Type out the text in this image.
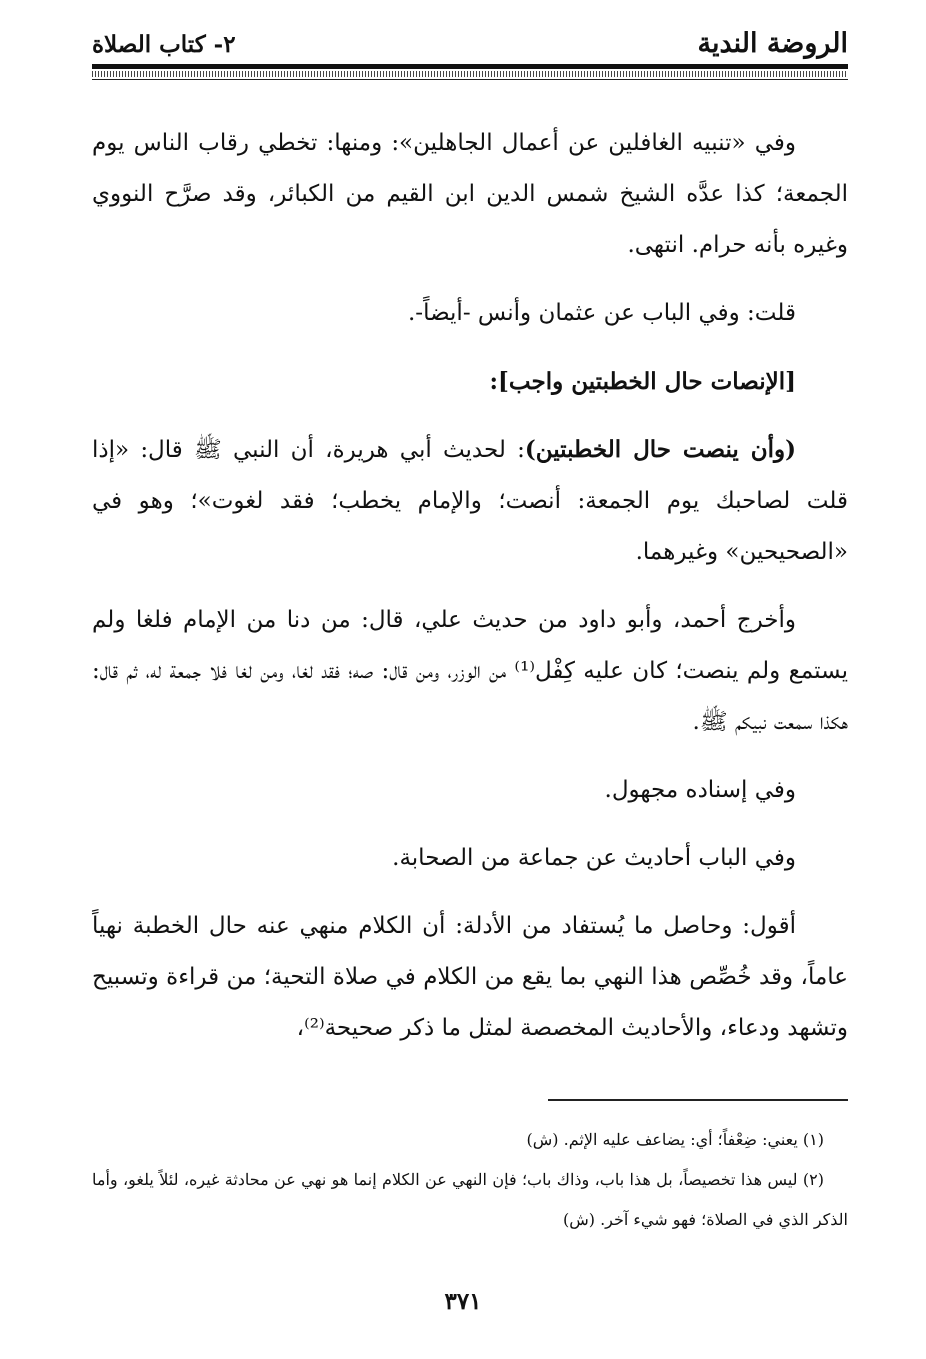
الروضة الندية
٢- كتاب الصلاة

وفي «تنبيه الغافلين عن أعمال الجاهلين»: ومنها: تخطي رقاب الناس يوم الجمعة؛ كذا عدَّه الشيخ شمس الدين ابن القيم من الكبائر، وقد صرَّح النووي وغيره بأنه حرام. انتهى.

قلت: وفي الباب عن عثمان وأنس -أيضاً-.

[الإنصات حال الخطبتين واجب]:

(وأن ينصت حال الخطبتين): لحديث أبي هريرة، أن النبي ﷺ قال: «إذا قلت لصاحبك يوم الجمعة: أنصت؛ والإمام يخطب؛ فقد لغوت»؛ وهو في «الصحيحين» وغيرهما.

وأخرج أحمد، وأبو داود من حديث علي، قال: من دنا من الإمام فلغا ولم يستمع ولم ينصت؛ كان عليه كِفْل⁽¹⁾ من الوزر، ومن قال: صه؛ فقد لغا، ومن لغا فلا جمعة له، ثم قال: هكذا سمعت نبيكم ﷺ.

وفي إسناده مجهول.

وفي الباب أحاديث عن جماعة من الصحابة.

أقول: وحاصل ما يُستفاد من الأدلة: أن الكلام منهي عنه حال الخطبة نهياً عاماً، وقد خُصِّص هذا النهي بما يقع من الكلام في صلاة التحية؛ من قراءة وتسبيح وتشهد ودعاء، والأحاديث المخصصة لمثل ما ذكر صحيحة⁽²⁾،

(١) يعني: ضِعْفاً؛ أي: يضاعف عليه الإثم. (ش)

(٢) ليس هذا تخصيصاً، بل هذا باب، وذاك باب؛ فإن النهي عن الكلام إنما هو نهي عن محادثة غيره، لئلاً يلغو، وأما الذكر الذي في الصلاة؛ فهو شيء آخر. (ش)

٣٧١
